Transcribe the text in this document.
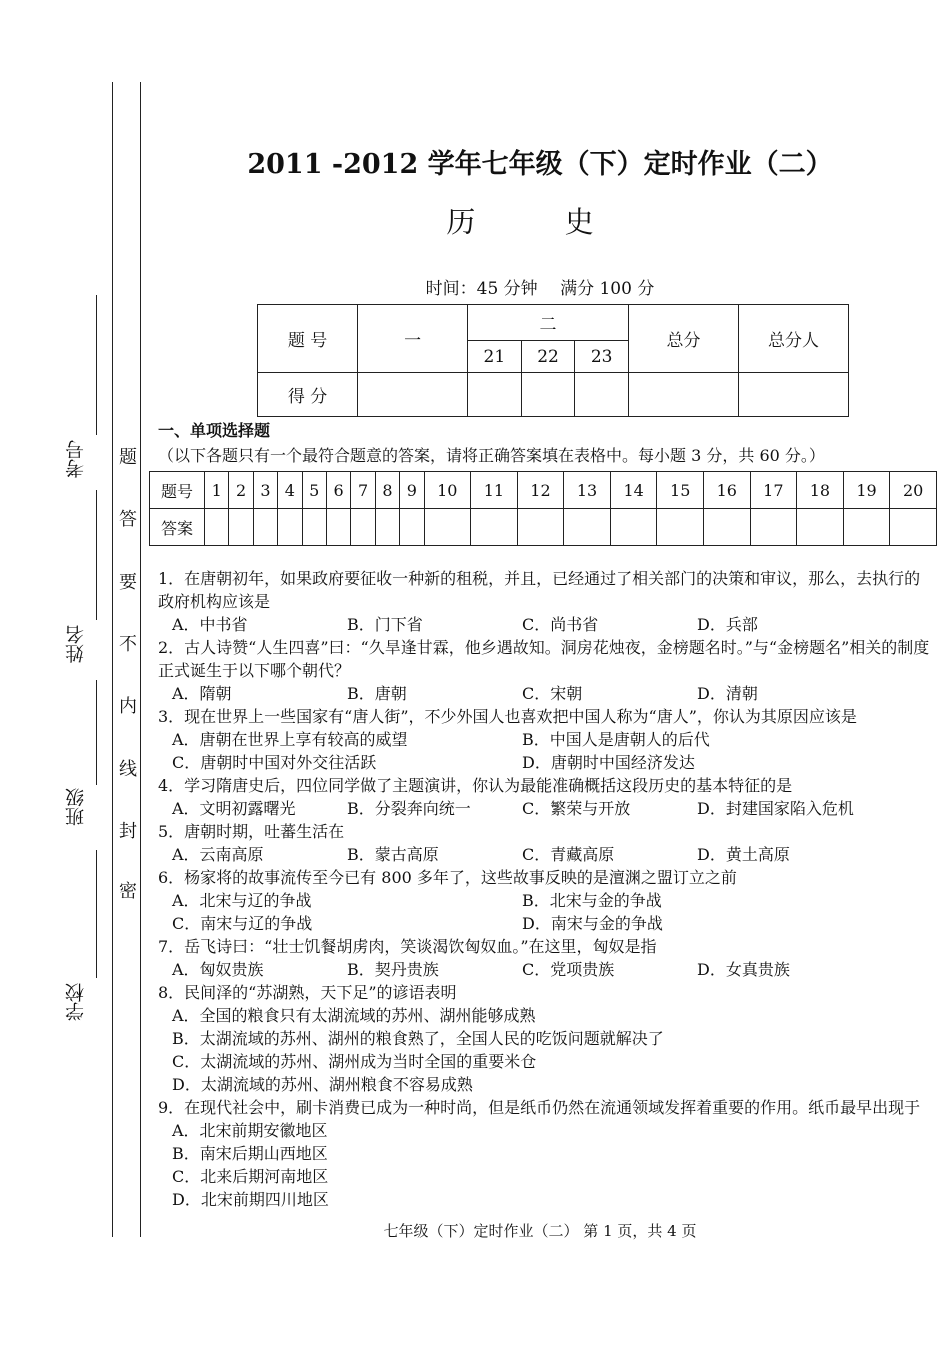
考号
姓名
班级
学校
题
答
要
不
内
线
封
密
2011 -2012 学年七年级（下）定时作业（二）
历 史
时间：45 分钟　 满分 100 分
题 号	一	二			总分	总分人
		21	22	23		
得 分						
一、单项选择题（以下各题只有一个最符合题意的答案，请将正确答案填在表格中。每小题 3 分，共 60 分。）
题号	1	2	3	4	5	6	7	8	9	10	11	12	13	14	15	16	17	18	19	20
答案																				

1．在唐朝初年，如果政府要征收一种新的租税，并且，已经通过了相关部门的决策和审议，那么，去执行的政府机构应该是

A．中书省	B．门下省	C．尚书省	D．兵部

2．古人诗赞“人生四喜”曰：“久旱逢甘霖，他乡遇故知。洞房花烛夜，金榜题名时。”与“金榜题名”相关的制度正式诞生于以下哪个朝代？

A．隋朝	B．唐朝	C．宋朝	D．清朝

3．现在世界上一些国家有“唐人街”，不少外国人也喜欢把中国人称为“唐人”，你认为其原因应该是

A．唐朝在世界上享有较高的威望	B．中国人是唐朝人的后代
C．唐朝时中国对外交往活跃	D．唐朝时中国经济发达

4．学习隋唐史后，四位同学做了主题演讲，你认为最能准确概括这段历史的基本特征的是

A．文明初露曙光	B．分裂奔向统一	C．繁荣与开放	D．封建国家陷入危机

5．唐朝时期，吐蕃生活在

A．云南高原	B．蒙古高原	C．青藏高原	D．黄土高原

6．杨家将的故事流传至今已有 800 多年了，这些故事反映的是澶渊之盟订立之前

A．北宋与辽的争战	B．北宋与金的争战
C．南宋与辽的争战	D．南宋与金的争战

7．岳飞诗曰：“壮士饥餐胡虏肉，笑谈渴饮匈奴血。”在这里，匈奴是指

A．匈奴贵族	B．契丹贵族	C．党项贵族	D．女真贵族

8．民间泽的“苏湖熟，天下足”的谚语表明

A．全国的粮食只有太湖流域的苏州、湖州能够成熟
B．太湖流域的苏州、湖州的粮食熟了，全国人民的吃饭问题就解决了
C．太湖流域的苏州、湖州成为当时全国的重要米仓
D．太湖流域的苏州、湖州粮食不容易成熟

9．在现代社会中，刷卡消费已成为一种时尚，但是纸币仍然在流通领域发挥着重要的作用。纸币最早出现于

A．北宋前期安徽地区
B．南宋后期山西地区
C．北来后期河南地区
D．北宋前期四川地区
七年级（下）定时作业（二） 第 1 页，共 4 页
